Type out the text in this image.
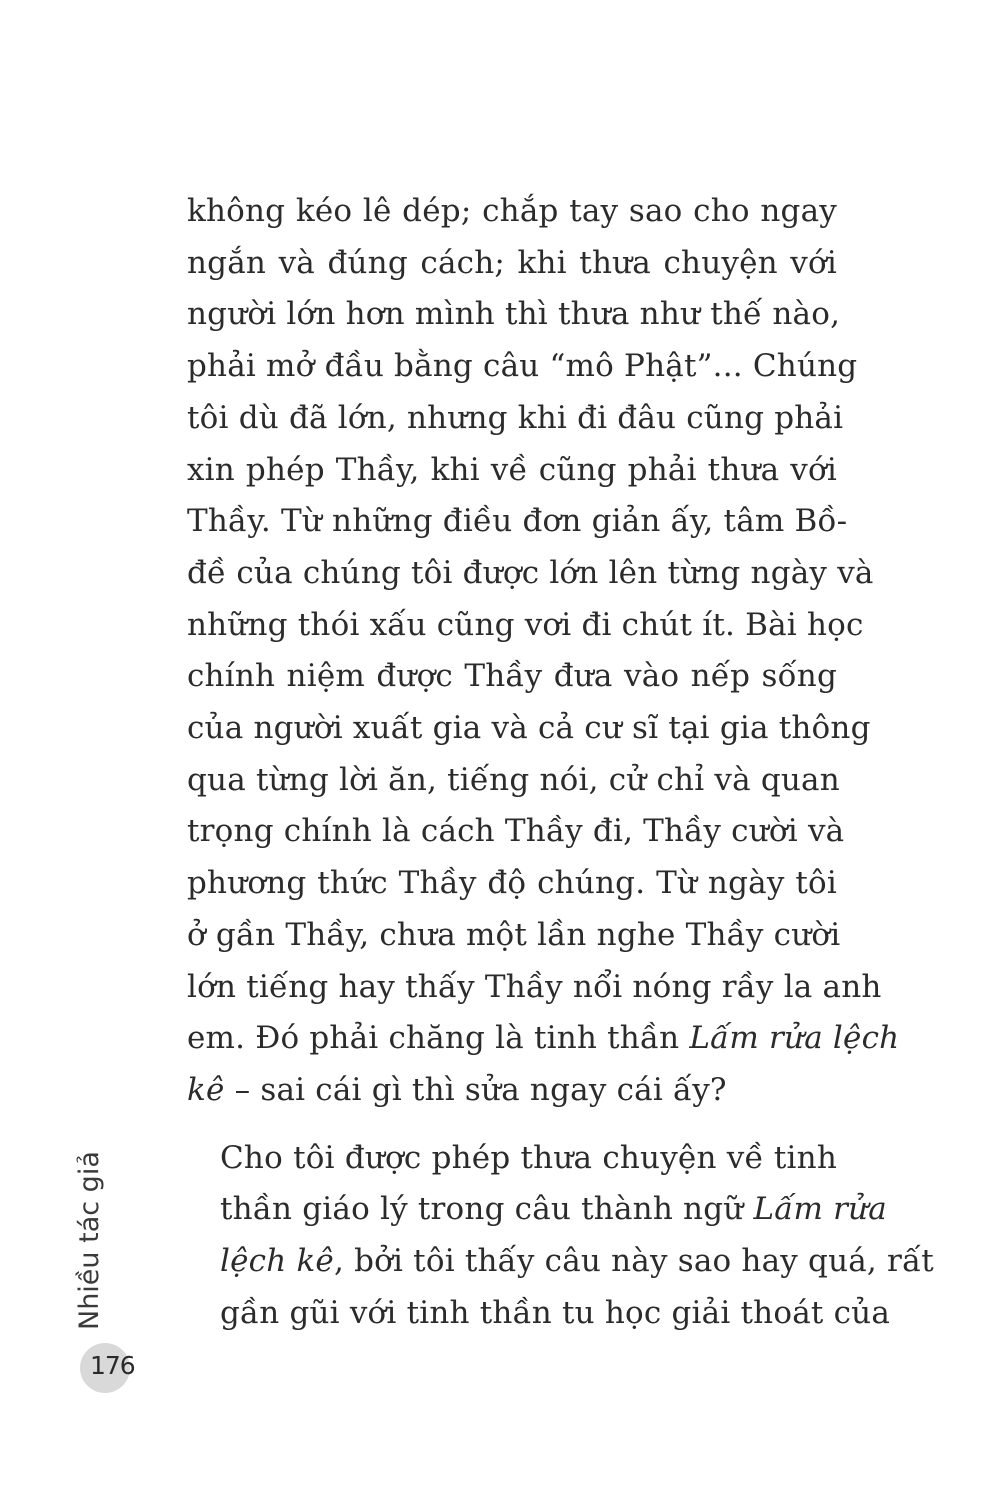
không kéo lê dép; chắp tay sao cho ngay
ngắn và đúng cách; khi thưa chuyện với
người lớn hơn mình thì thưa như thế nào,
phải mở đầu bằng câu “mô Phật”... Chúng
tôi dù đã lớn, nhưng khi đi đâu cũng phải
xin phép Thầy, khi về cũng phải thưa với
Thầy. Từ những điều đơn giản ấy, tâm Bồ-
đề của chúng tôi được lớn lên từng ngày và
những thói xấu cũng vơi đi chút ít. Bài học
chính niệm được Thầy đưa vào nếp sống
của người xuất gia và cả cư sĩ tại gia thông
qua từng lời ăn, tiếng nói, cử chỉ và quan
trọng chính là cách Thầy đi, Thầy cười và
phương thức Thầy độ chúng. Từ ngày tôi
ở gần Thầy, chưa một lần nghe Thầy cười
lớn tiếng hay thấy Thầy nổi nóng rầy la anh
em. Đó phải chăng là tinh thần Lấm rửa lệch
kê – sai cái gì thì sửa ngay cái ấy?

Cho tôi được phép thưa chuyện về tinh
thần giáo lý trong câu thành ngữ Lấm rửa
lệch kê, bởi tôi thấy câu này sao hay quá, rất
gần gũi với tinh thần tu học giải thoát của

Nhiều tác giả
176
